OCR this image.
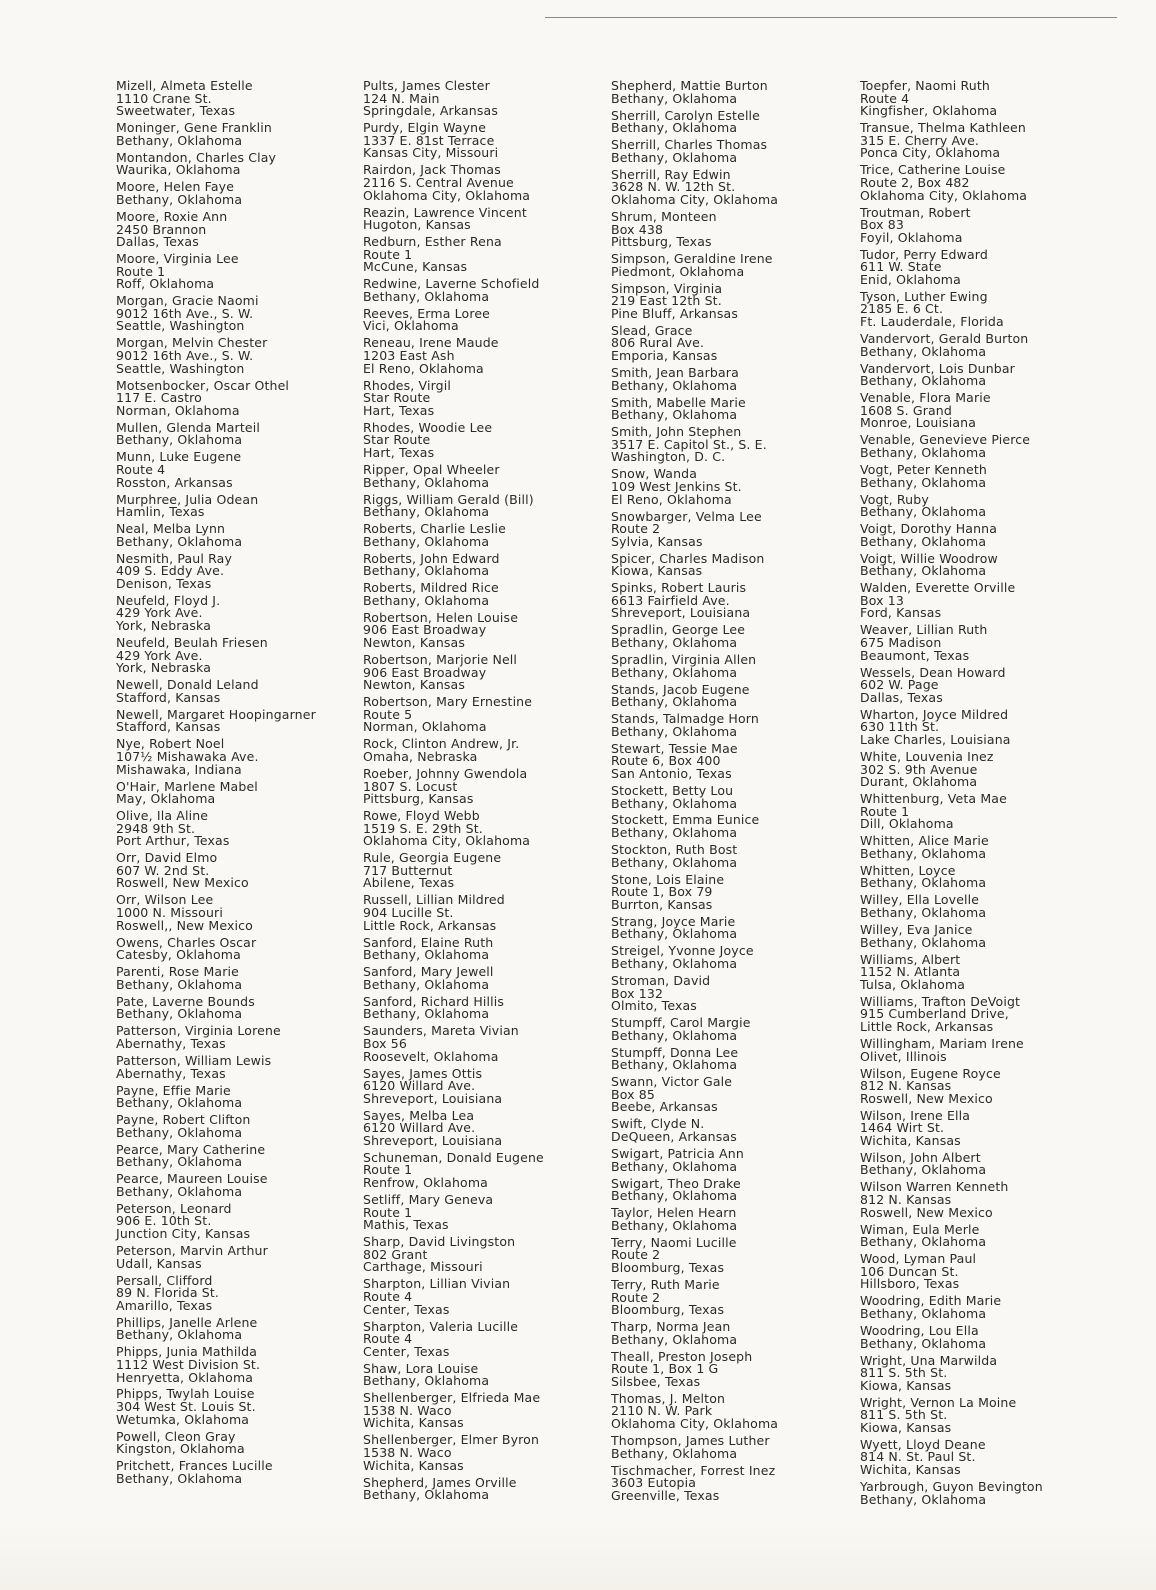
Mizell, Almeta Estelle
1110 Crane St.
Sweetwater, Texas
Moninger, Gene Franklin
Bethany, Oklahoma
Montandon, Charles Clay
Waurika, Oklahoma
Moore, Helen Faye
Bethany, Oklahoma
Moore, Roxie Ann
2450 Brannon
Dallas, Texas
Moore, Virginia Lee
Route 1
Roff, Oklahoma
Morgan, Gracie Naomi
9012 16th Ave., S. W.
Seattle, Washington
Morgan, Melvin Chester
9012 16th Ave., S. W.
Seattle, Washington
Motsenbocker, Oscar Othel
117 E. Castro
Norman, Oklahoma
Mullen, Glenda Marteil
Bethany, Oklahoma
Munn, Luke Eugene
Route 4
Rosston, Arkansas
Murphree, Julia Odean
Hamlin, Texas
Neal, Melba Lynn
Bethany, Oklahoma
Nesmith, Paul Ray
409 S. Eddy Ave.
Denison, Texas
Neufeld, Floyd J.
429 York Ave.
York, Nebraska
Neufeld, Beulah Friesen
429 York Ave.
York, Nebraska
Newell, Donald Leland
Stafford, Kansas
Newell, Margaret Hoopingarner
Stafford, Kansas
Nye, Robert Noel
107½ Mishawaka Ave.
Mishawaka, Indiana
O'Hair, Marlene Mabel
May, Oklahoma
Olive, Ila Aline
2948 9th St.
Port Arthur, Texas
Orr, David Elmo
607 W. 2nd St.
Roswell, New Mexico
Orr, Wilson Lee
1000 N. Missouri
Roswell,, New Mexico
Owens, Charles Oscar
Catesby, Oklahoma
Parenti, Rose Marie
Bethany, Oklahoma
Pate, Laverne Bounds
Bethany, Oklahoma
Patterson, Virginia Lorene
Abernathy, Texas
Patterson, William Lewis
Abernathy, Texas
Payne, Effie Marie
Bethany, Oklahoma
Payne, Robert Clifton
Bethany, Oklahoma
Pearce, Mary Catherine
Bethany, Oklahoma
Pearce, Maureen Louise
Bethany, Oklahoma
Peterson, Leonard
906 E. 10th St.
Junction City, Kansas
Peterson, Marvin Arthur
Udall, Kansas
Persall, Clifford
89 N. Florida St.
Amarillo, Texas
Phillips, Janelle Arlene
Bethany, Oklahoma
Phipps, Junia Mathilda
1112 West Division St.
Henryetta, Oklahoma
Phipps, Twylah Louise
304 West St. Louis St.
Wetumka, Oklahoma
Powell, Cleon Gray
Kingston, Oklahoma
Pritchett, Frances Lucille
Bethany, Oklahoma
Pults, James Clester
124 N. Main
Springdale, Arkansas
Purdy, Elgin Wayne
1337 E. 81st Terrace
Kansas City, Missouri
Rairdon, Jack Thomas
2116 S. Central Avenue
Oklahoma City, Oklahoma
Reazin, Lawrence Vincent
Hugoton, Kansas
Redburn, Esther Rena
Route 1
McCune, Kansas
Redwine, Laverne Schofield
Bethany, Oklahoma
Reeves, Erma Loree
Vici, Oklahoma
Reneau, Irene Maude
1203 East Ash
El Reno, Oklahoma
Rhodes, Virgil
Star Route
Hart, Texas
Rhodes, Woodie Lee
Star Route
Hart, Texas
Ripper, Opal Wheeler
Bethany, Oklahoma
Riggs, William Gerald (Bill)
Bethany, Oklahoma
Roberts, Charlie Leslie
Bethany, Oklahoma
Roberts, John Edward
Bethany, Oklahoma
Roberts, Mildred Rice
Bethany, Oklahoma
Robertson, Helen Louise
906 East Broadway
Newton, Kansas
Robertson, Marjorie Nell
906 East Broadway
Newton, Kansas
Robertson, Mary Ernestine
Route 5
Norman, Oklahoma
Rock, Clinton Andrew, Jr.
Omaha, Nebraska
Roeber, Johnny Gwendola
1807 S. Locust
Pittsburg, Kansas
Rowe, Floyd Webb
1519 S. E. 29th St.
Oklahoma City, Oklahoma
Rule, Georgia Eugene
717 Butternut
Abilene, Texas
Russell, Lillian Mildred
904 Lucille St.
Little Rock, Arkansas
Sanford, Elaine Ruth
Bethany, Oklahoma
Sanford, Mary Jewell
Bethany, Oklahoma
Sanford, Richard Hillis
Bethany, Oklahoma
Saunders, Mareta Vivian
Box 56
Roosevelt, Oklahoma
Sayes, James Ottis
6120 Willard Ave.
Shreveport, Louisiana
Sayes, Melba Lea
6120 Willard Ave.
Shreveport, Louisiana
Schuneman, Donald Eugene
Route 1
Renfrow, Oklahoma
Setliff, Mary Geneva
Route 1
Mathis, Texas
Sharp, David Livingston
802 Grant
Carthage, Missouri
Sharpton, Lillian Vivian
Route 4
Center, Texas
Sharpton, Valeria Lucille
Route 4
Center, Texas
Shaw, Lora Louise
Bethany, Oklahoma
Shellenberger, Elfrieda Mae
1538 N. Waco
Wichita, Kansas
Shellenberger, Elmer Byron
1538 N. Waco
Wichita, Kansas
Shepherd, James Orville
Bethany, Oklahoma
Shepherd, Mattie Burton
Bethany, Oklahoma
Sherrill, Carolyn Estelle
Bethany, Oklahoma
Sherrill, Charles Thomas
Bethany, Oklahoma
Sherrill, Ray Edwin
3628 N. W. 12th St.
Oklahoma City, Oklahoma
Shrum, Monteen
Box 438
Pittsburg, Texas
Simpson, Geraldine Irene
Piedmont, Oklahoma
Simpson, Virginia
219 East 12th St.
Pine Bluff, Arkansas
Slead, Grace
806 Rural Ave.
Emporia, Kansas
Smith, Jean Barbara
Bethany, Oklahoma
Smith, Mabelle Marie
Bethany, Oklahoma
Smith, John Stephen
3517 E. Capitol St., S. E.
Washington, D. C.
Snow, Wanda
109 West Jenkins St.
El Reno, Oklahoma
Snowbarger, Velma Lee
Route 2
Sylvia, Kansas
Spicer, Charles Madison
Kiowa, Kansas
Spinks, Robert Lauris
6613 Fairfield Ave.
Shreveport, Louisiana
Spradlin, George Lee
Bethany, Oklahoma
Spradlin, Virginia Allen
Bethany, Oklahoma
Stands, Jacob Eugene
Bethany, Oklahoma
Stands, Talmadge Horn
Bethany, Oklahoma
Stewart, Tessie Mae
Route 6, Box 400
San Antonio, Texas
Stockett, Betty Lou
Bethany, Oklahoma
Stockett, Emma Eunice
Bethany, Oklahoma
Stockton, Ruth Bost
Bethany, Oklahoma
Stone, Lois Elaine
Route 1, Box 79
Burrton, Kansas
Strang, Joyce Marie
Bethany, Oklahoma
Streigel, Yvonne Joyce
Bethany, Oklahoma
Stroman, David
Box 132
Olmito, Texas
Stumpff, Carol Margie
Bethany, Oklahoma
Stumpff, Donna Lee
Bethany, Oklahoma
Swann, Victor Gale
Box 85
Beebe, Arkansas
Swift, Clyde N.
DeQueen, Arkansas
Swigart, Patricia Ann
Bethany, Oklahoma
Swigart, Theo Drake
Bethany, Oklahoma
Taylor, Helen Hearn
Bethany, Oklahoma
Terry, Naomi Lucille
Route 2
Bloomburg, Texas
Terry, Ruth Marie
Route 2
Bloomburg, Texas
Tharp, Norma Jean
Bethany, Oklahoma
Theall, Preston Joseph
Route 1, Box 1 G
Silsbee, Texas
Thomas, J. Melton
2110 N. W. Park
Oklahoma City, Oklahoma
Thompson, James Luther
Bethany, Oklahoma
Tischmacher, Forrest Inez
3603 Eutopia
Greenville, Texas
Toepfer, Naomi Ruth
Route 4
Kingfisher, Oklahoma
Transue, Thelma Kathleen
315 E. Cherry Ave.
Ponca City, Oklahoma
Trice, Catherine Louise
Route 2, Box 482
Oklahoma City, Oklahoma
Troutman, Robert
Box 83
Foyil, Oklahoma
Tudor, Perry Edward
611 W. State
Enid, Oklahoma
Tyson, Luther Ewing
2185 E. 6 Ct.
Ft. Lauderdale, Florida
Vandervort, Gerald Burton
Bethany, Oklahoma
Vandervort, Lois Dunbar
Bethany, Oklahoma
Venable, Flora Marie
1608 S. Grand
Monroe, Louisiana
Venable, Genevieve Pierce
Bethany, Oklahoma
Vogt, Peter Kenneth
Bethany, Oklahoma
Vogt, Ruby
Bethany, Oklahoma
Voigt, Dorothy Hanna
Bethany, Oklahoma
Voigt, Willie Woodrow
Bethany, Oklahoma
Walden, Everette Orville
Box 13
Ford, Kansas
Weaver, Lillian Ruth
675 Madison
Beaumont, Texas
Wessels, Dean Howard
602 W. Page
Dallas, Texas
Wharton, Joyce Mildred
630 11th St.
Lake Charles, Louisiana
White, Louvenia Inez
302 S. 9th Avenue
Durant, Oklahoma
Whittenburg, Veta Mae
Route 1
Dill, Oklahoma
Whitten, Alice Marie
Bethany, Oklahoma
Whitten, Loyce
Bethany, Oklahoma
Willey, Ella Lovelle
Bethany, Oklahoma
Willey, Eva Janice
Bethany, Oklahoma
Williams, Albert
1152 N. Atlanta
Tulsa, Oklahoma
Williams, Trafton DeVoigt
915 Cumberland Drive,
Little Rock, Arkansas
Willingham, Mariam Irene
Olivet, Illinois
Wilson, Eugene Royce
812 N. Kansas
Roswell, New Mexico
Wilson, Irene Ella
1464 Wirt St.
Wichita, Kansas
Wilson, John Albert
Bethany, Oklahoma
Wilson Warren Kenneth
812 N. Kansas
Roswell, New Mexico
Wiman, Eula Merle
Bethany, Oklahoma
Wood, Lyman Paul
106 Duncan St.
Hillsboro, Texas
Woodring, Edith Marie
Bethany, Oklahoma
Woodring, Lou Ella
Bethany, Oklahoma
Wright, Una Marwilda
811 S. 5th St.
Kiowa, Kansas
Wright, Vernon La Moine
811 S. 5th St.
Kiowa, Kansas
Wyett, Lloyd Deane
814 N. St. Paul St.
Wichita, Kansas
Yarbrough, Guyon Bevington
Bethany, Oklahoma
